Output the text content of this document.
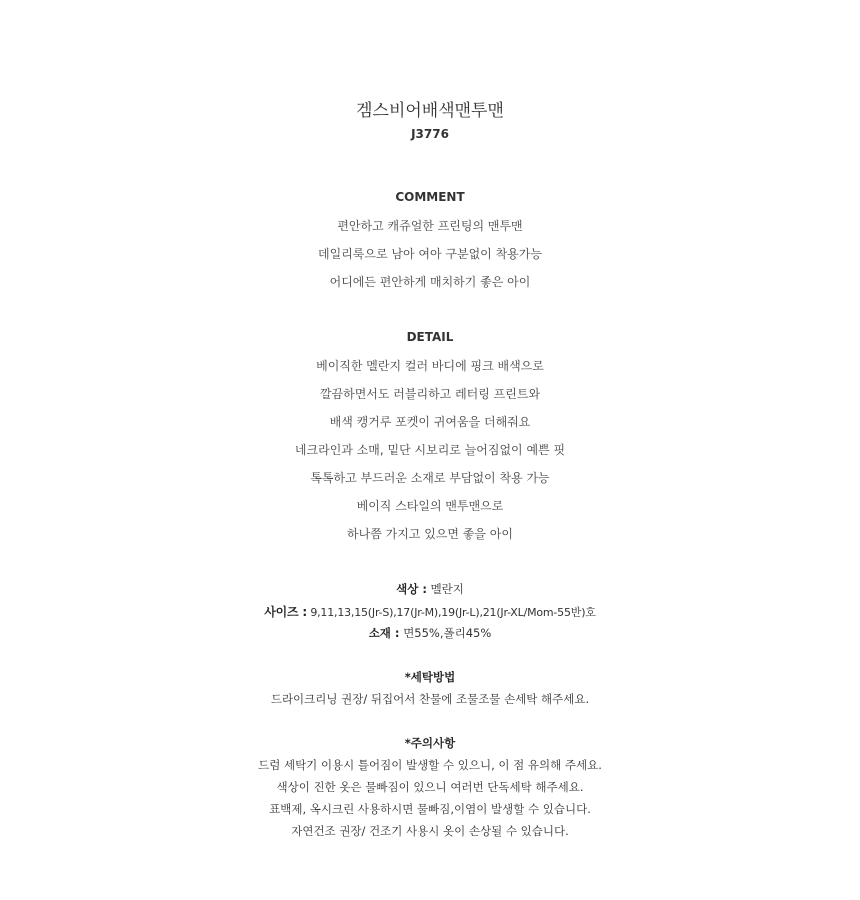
겜스비어배색맨투맨
J3776
COMMENT
편안하고 캐쥬얼한 프린팅의 맨투맨
데일리룩으로 남아 여아 구분없이 착용가능
어디에든 편안하게 매치하기 좋은 아이
DETAIL
베이직한 멜란지 컬러 바디에 핑크 배색으로
깔끔하면서도 러블리하고 레터링 프린트와
배색 캥거루 포켓이 귀여움을 더해줘요
네크라인과 소매, 밑단 시보리로 늘어짐없이 예쁜 핏
톡톡하고 부드러운 소재로 부담없이 착용 가능
베이직 스타일의 맨투맨으로
하나쯤 가지고 있으면 좋을 아이
색상 : 멜란지
사이즈 : 9,11,13,15(Jr-S),17(Jr-M),19(Jr-L),21(Jr-XL/Mom-55반)호
소재 : 면55%,폴리45%
*세탁방법
드라이크리닝 권장/ 뒤집어서 찬물에 조물조물 손세탁 해주세요.
*주의사항
드럼 세탁기 이용시 틀어짐이 발생할 수 있으니, 이 점 유의해 주세요.
색상이 진한 옷은 물빠짐이 있으니 여러번 단독세탁 해주세요.
표백제, 옥시크린 사용하시면 물빠짐,이염이 발생할 수 있습니다.
자연건조 권장/ 건조기 사용시 옷이 손상될 수 있습니다.
